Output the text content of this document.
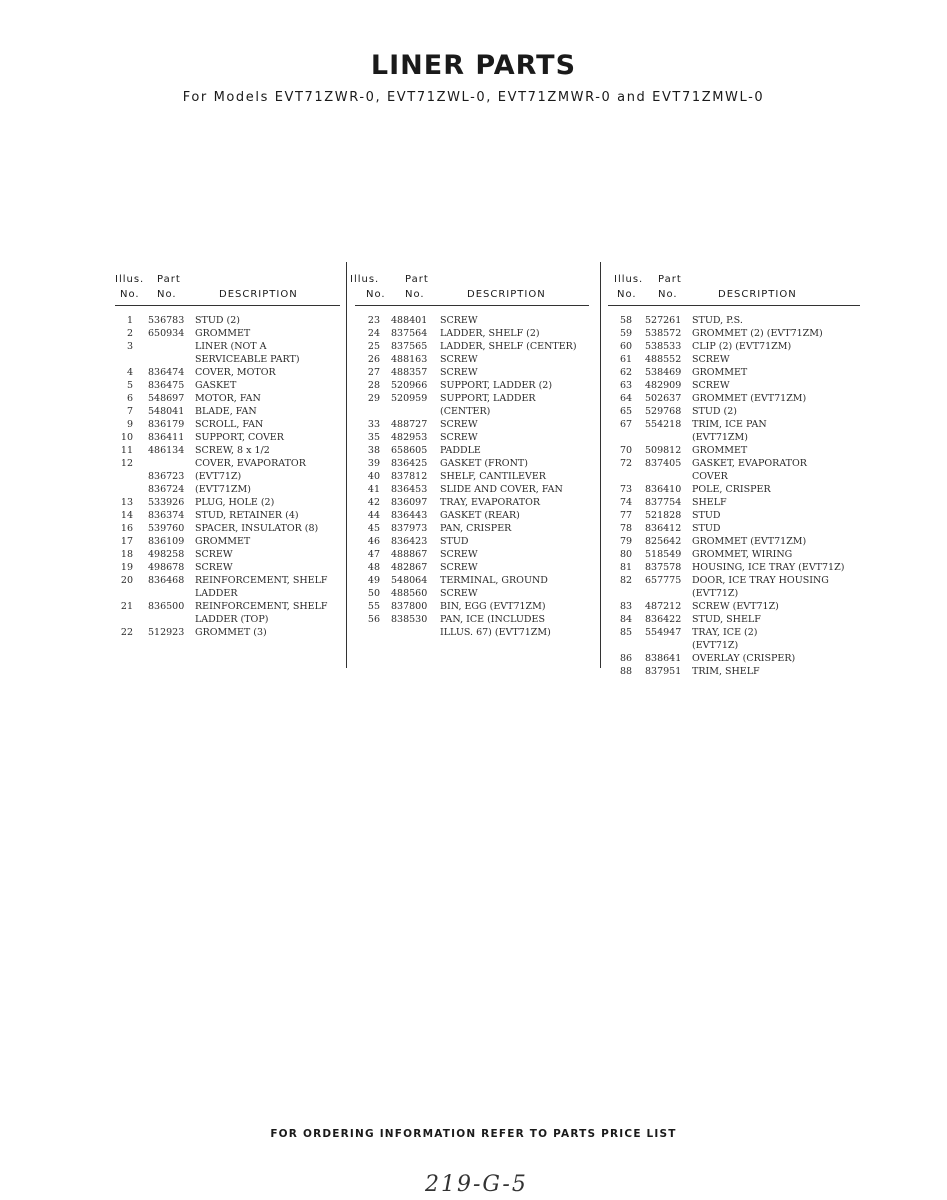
LINER PARTS
For Models EVT71ZWR-0, EVT71ZWL-0, EVT71ZMWR-0 and EVT71ZMWL-0
Illus.
No.
Part
No.	DESCRIPTION
1 536783 STUD (2)
2 650934 GROMMET
3	LINER (NOT A
SERVICEABLE PART)
4 836474 COVER, MOTOR
5 836475 GASKET
6 548697 MOTOR, FAN
7 548041 BLADE, FAN
9 836179 SCROLL, FAN
10 836411 SUPPORT, COVER
11 486134 SCREW, 8 x 1/2
12	COVER, EVAPORATOR
836723 (EVT71Z)
836724 (EVT71ZM)
13 533926 PLUG, HOLE (2)
14 836374 STUD, RETAINER (4)
16 539760 SPACER, INSULATOR (8)
17 836109 GROMMET
18 498258 SCREW
19 498678 SCREW
20 836468 REINFORCEMENT, SHELF
LADDER
21 836500 REINFORCEMENT, SHELF
LADDER (TOP)
22 512923 GROMMET (3)
Illus.
No.
Part
No.	DESCRIPTION
23 488401 SCREW
24 837564 LADDER, SHELF (2)
25 837565 LADDER, SHELF (CENTER)
26 488163 SCREW
27 488357 SCREW
28 520966 SUPPORT, LADDER (2)
29 520959 SUPPORT, LADDER
(CENTER)
33 488727 SCREW
35 482953 SCREW
38 658605 PADDLE
39 836425 GASKET (FRONT)
40 837812 SHELF, CANTILEVER
41 836453 SLIDE AND COVER, FAN
42 836097 TRAY, EVAPORATOR
44 836443 GASKET (REAR)
45 837973 PAN, CRISPER
46 836423 STUD
47 488867 SCREW
48 482867 SCREW
49 548064 TERMINAL, GROUND
50 488560 SCREW
55 837800 BIN, EGG (EVT71ZM)
56 838530 PAN, ICE (INCLUDES
ILLUS. 67) (EVT71ZM)
Illus.
No.
Part
No.	DESCRIPTION
58 527261 STUD, P.S.
59 538572 GROMMET (2) (EVT71ZM)
60 538533 CLIP (2) (EVT71ZM)
61 488552 SCREW
62 538469 GROMMET
63 482909 SCREW
64 502637 GROMMET (EVT71ZM)
65 529768 STUD (2)
67 554218 TRIM, ICE PAN
(EVT71ZM)
70 509812 GROMMET
72 837405 GASKET, EVAPORATOR
COVER
73 836410 POLE, CRISPER
74 837754 SHELF
77 521828 STUD
78 836412 STUD
79 825642 GROMMET (EVT71ZM)
80 518549 GROMMET, WIRING
81 837578 HOUSING, ICE TRAY (EVT71Z)
82 657775 DOOR, ICE TRAY HOUSING
(EVT71Z)
83 487212 SCREW (EVT71Z)
84 836422 STUD, SHELF
85 554947 TRAY, ICE (2)
(EVT71Z)
86 838641 OVERLAY (CRISPER)
88 837951 TRIM, SHELF
FOR ORDERING INFORMATION REFER TO PARTS PRICE LIST
219-G-5
